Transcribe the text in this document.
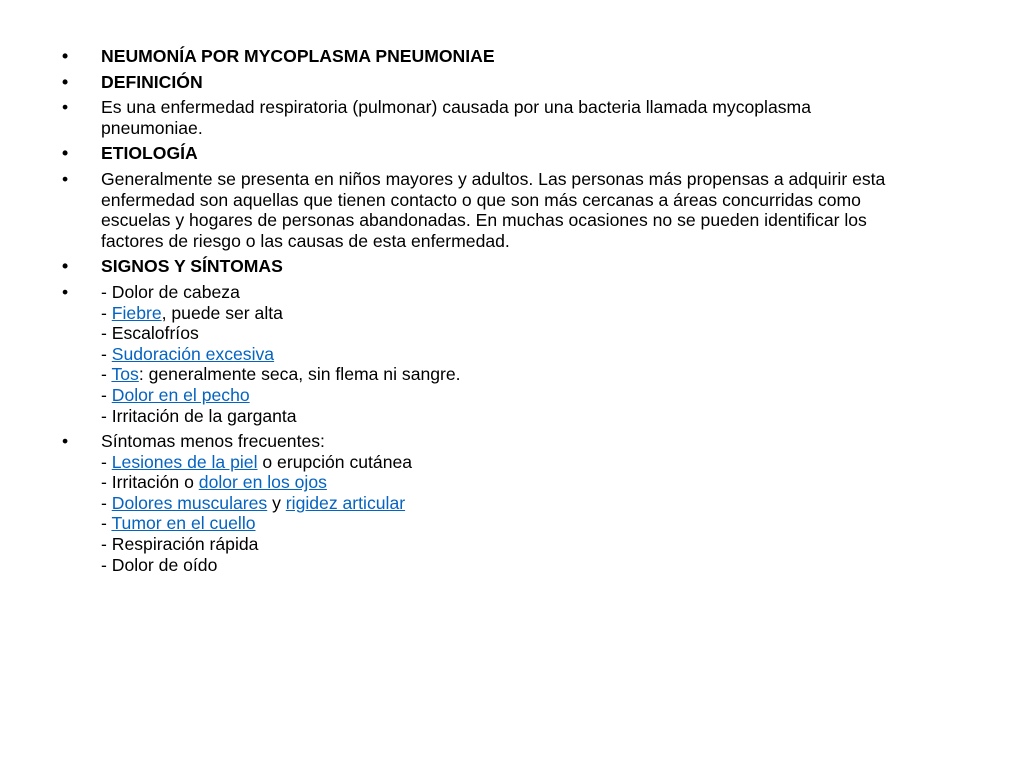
• NEUMONÍA POR MYCOPLASMA PNEUMONIAE
• DEFINICIÓN
• Es una enfermedad respiratoria (pulmonar) causada por una bacteria llamada mycoplasma
pneumoniae.
• ETIOLOGÍA
• Generalmente se presenta en niños mayores y adultos. Las personas más propensas a adquirir esta
enfermedad son aquellas que tienen contacto o que son más cercanas a áreas concurridas como
escuelas y hogares de personas abandonadas. En muchas ocasiones no se pueden identificar los
factores de riesgo o las causas de esta enfermedad.
• SIGNOS Y SÍNTOMAS
• - Dolor de cabeza
- Fiebre, puede ser alta
- Escalofríos
- Sudoración excesiva
- Tos: generalmente seca, sin flema ni sangre.
- Dolor en el pecho
- Irritación de la garganta
• Síntomas menos frecuentes:
- Lesiones de la piel o erupción cutánea
- Irritación o dolor en los ojos
- Dolores musculares y rigidez articular
- Tumor en el cuello
- Respiración rápida
- Dolor de oído
